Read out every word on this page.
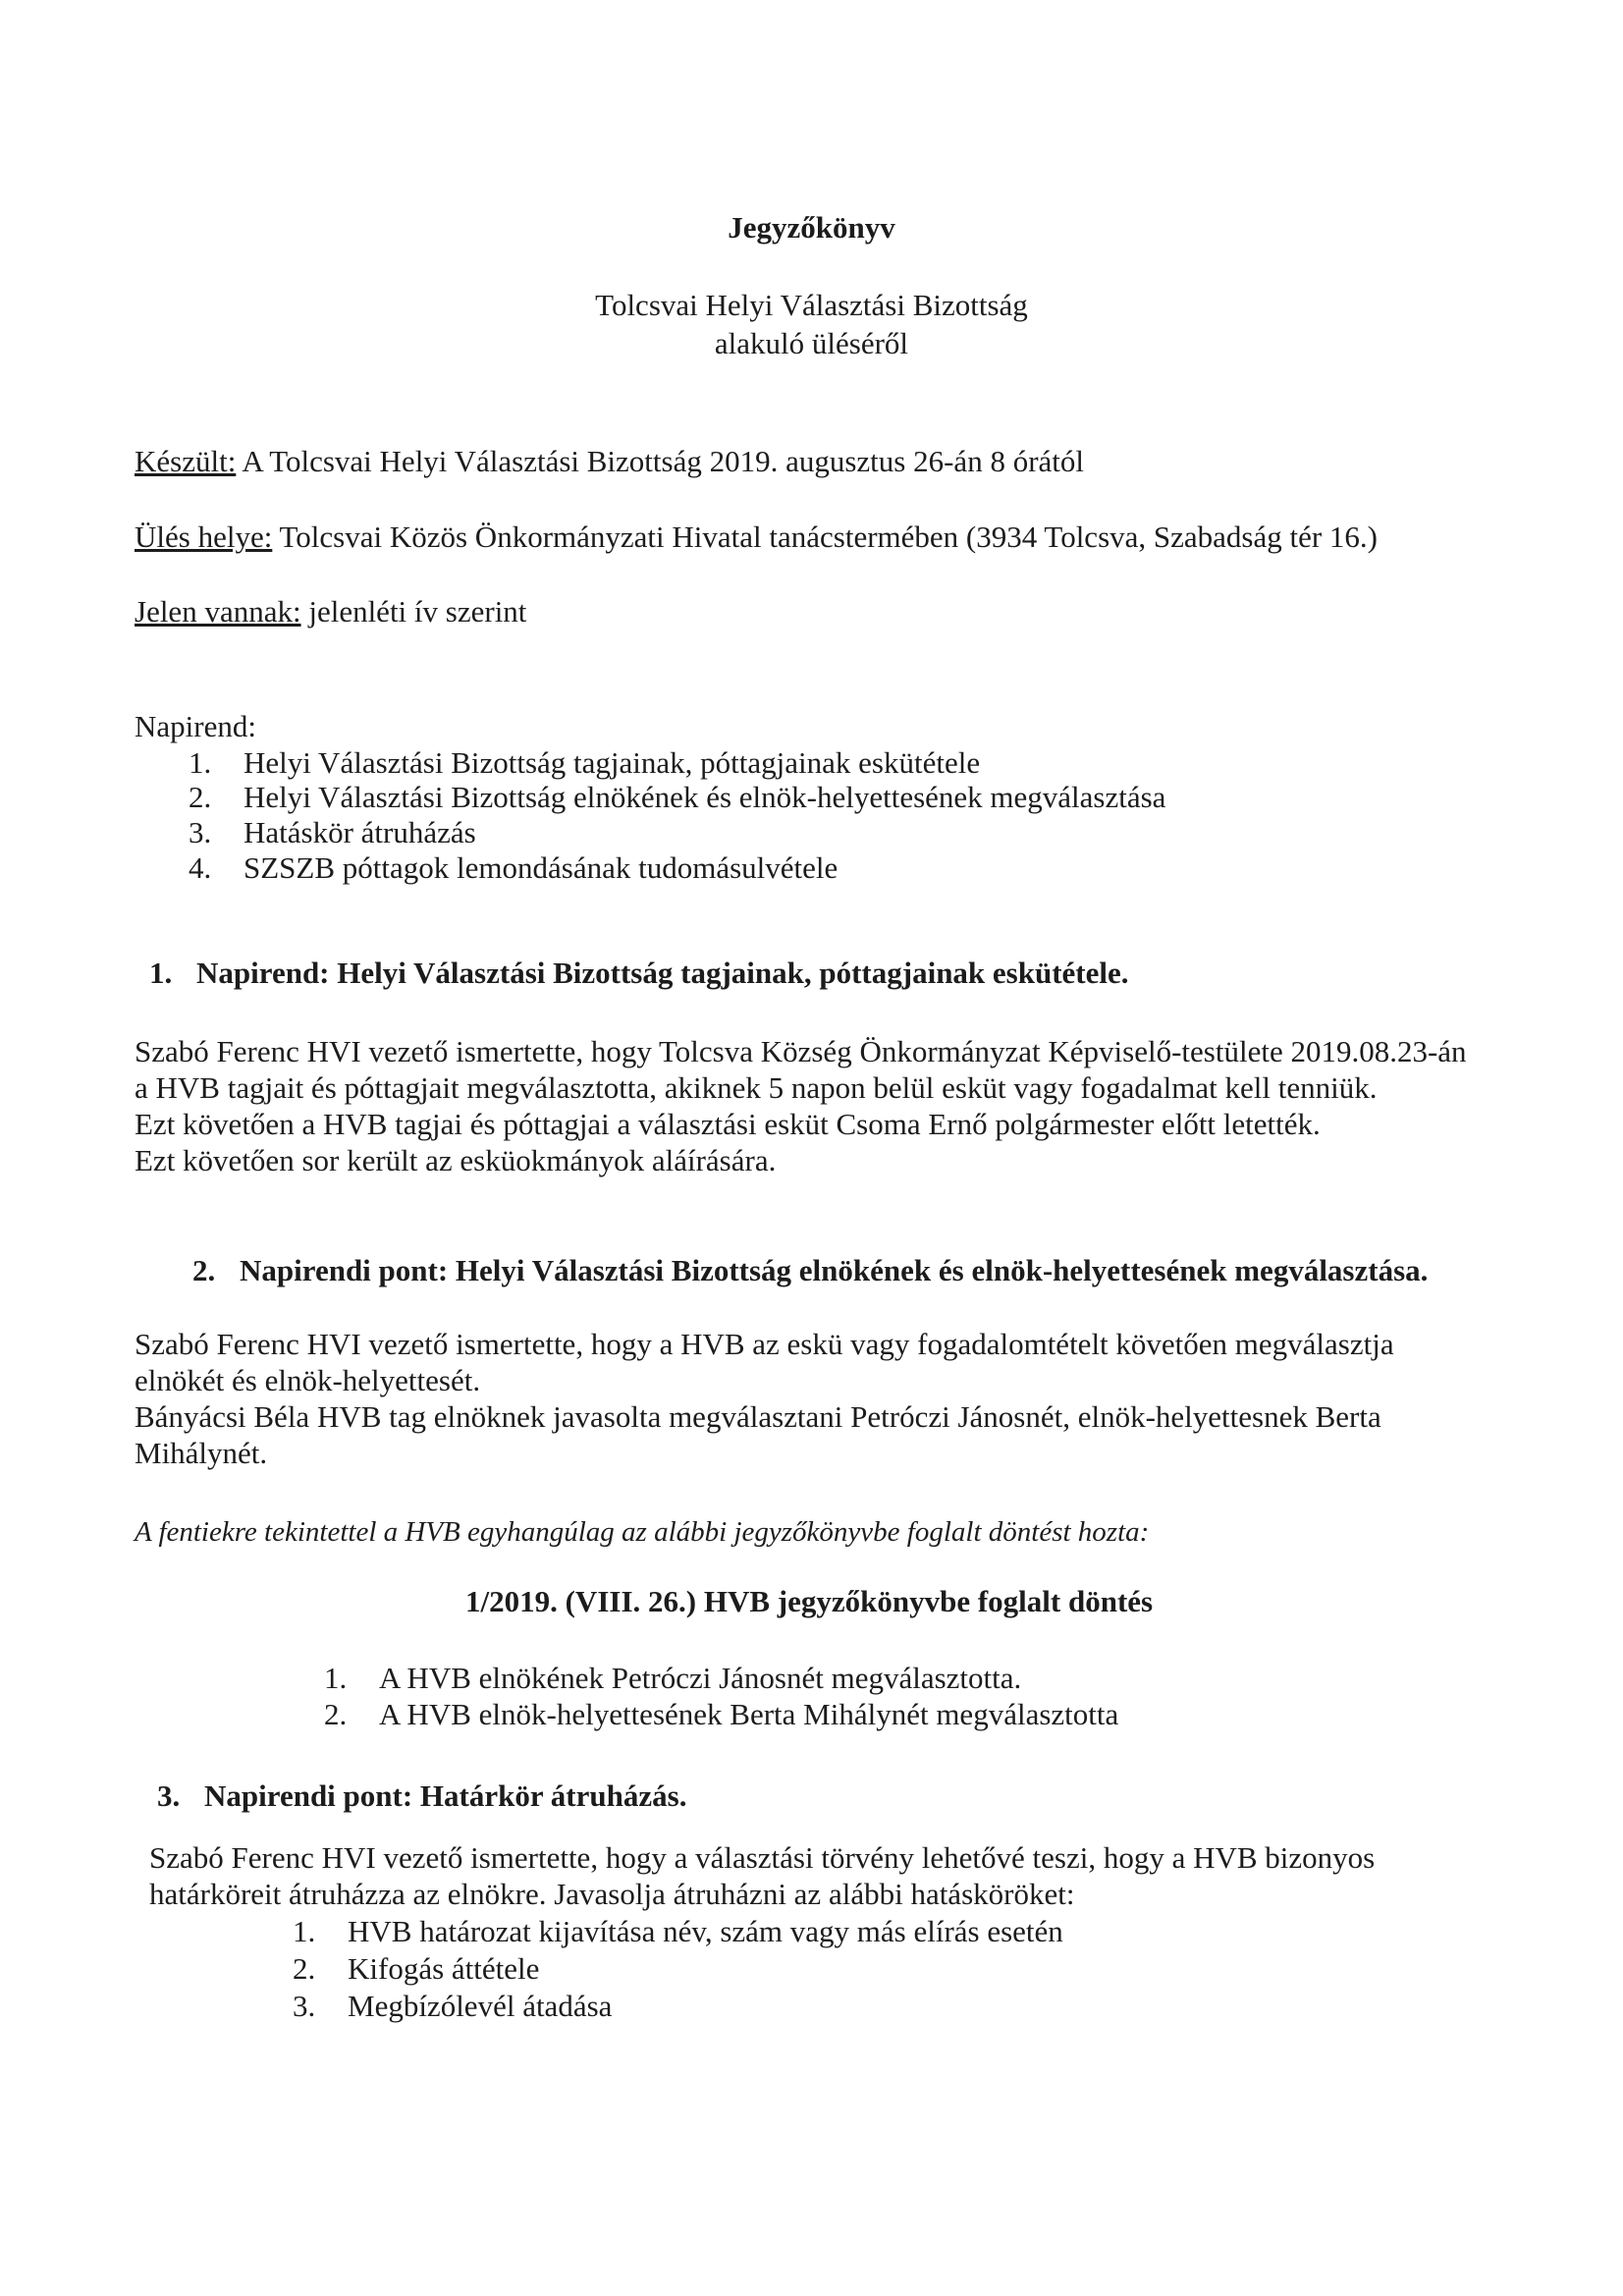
Jegyzőkönyv
Tolcsvai Helyi Választási Bizottság
alakuló üléséről
Készült: A Tolcsvai Helyi Választási Bizottság 2019. augusztus 26-án 8 órától
Ülés helye: Tolcsvai Közös Önkormányzati Hivatal tanácstermében (3934 Tolcsva, Szabadság tér 16.)
Jelen vannak: jelenléti ív szerint
Napirend:
1. Helyi Választási Bizottság tagjainak, póttagjainak eskütétele
2. Helyi Választási Bizottság elnökének és elnök-helyettesének megválasztása
3. Hatáskör átruházás
4. SZSZB póttagok lemondásának tudomásulvétele
1. Napirend: Helyi Választási Bizottság tagjainak, póttagjainak eskütétele.
Szabó Ferenc HVI vezető ismertette, hogy Tolcsva Község Önkormányzat Képviselő-testülete 2019.08.23-án
a HVB tagjait és póttagjait megválasztotta, akiknek 5 napon belül esküt vagy fogadalmat kell tenniük.
Ezt követően a HVB tagjai és póttagjai a választási esküt Csoma Ernő polgármester előtt letették.
Ezt követően sor került az esküokmányok aláírására.
2. Napirendi pont: Helyi Választási Bizottság elnökének és elnök-helyettesének megválasztása.
Szabó Ferenc HVI vezető ismertette, hogy a HVB az eskü vagy fogadalomtételt követően megválasztja
elnökét és elnök-helyettesét.
Bányácsi Béla HVB tag elnöknek javasolta megválasztani Petróczi Jánosnét, elnök-helyettesnek Berta
Mihálynét.
A fentiekre tekintettel a HVB egyhangúlag az alábbi jegyzőkönyvbe foglalt döntést hozta:
1/2019. (VIII. 26.) HVB jegyzőkönyvbe foglalt döntés
1. A HVB elnökének Petróczi Jánosnét megválasztotta.
2. A HVB elnök-helyettesének Berta Mihálynét megválasztotta
3. Napirendi pont: Határkör átruházás.
Szabó Ferenc HVI vezető ismertette, hogy a választási törvény lehetővé teszi, hogy a HVB bizonyos
határköreit átruházza az elnökre. Javasolja átruházni az alábbi hatásköröket:
1. HVB határozat kijavítása név, szám vagy más elírás esetén
2. Kifogás áttétele
3. Megbízólevél átadása
